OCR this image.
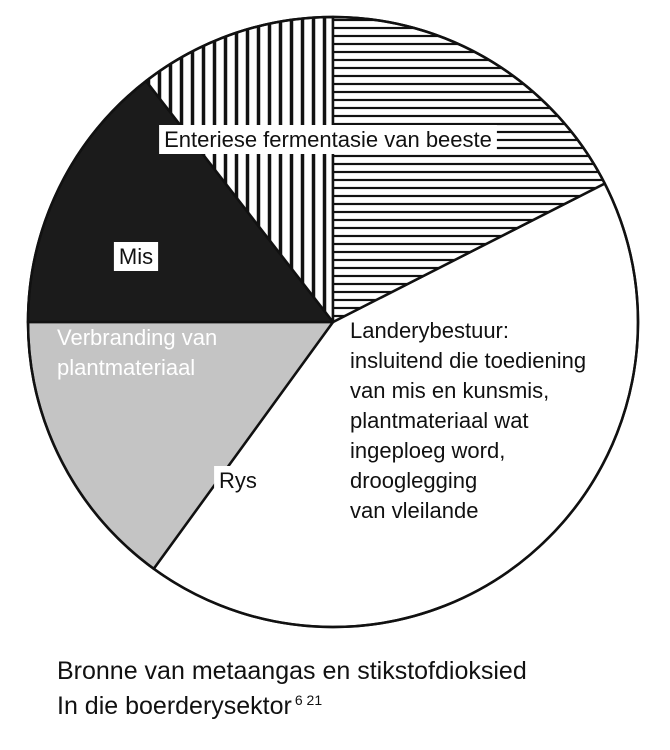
Landerybestuur: insluitend die toediening van mis en kunsmis, plantmateriaal wat ingeploeg word, drooglegging van vleilande
Rys
Verbranding van plantmateriaal
Mis
Enteriese fermentasie van beeste
Bronne van metaangas en stikstofdioksied
In die boerderysektor $^{6 21}$
